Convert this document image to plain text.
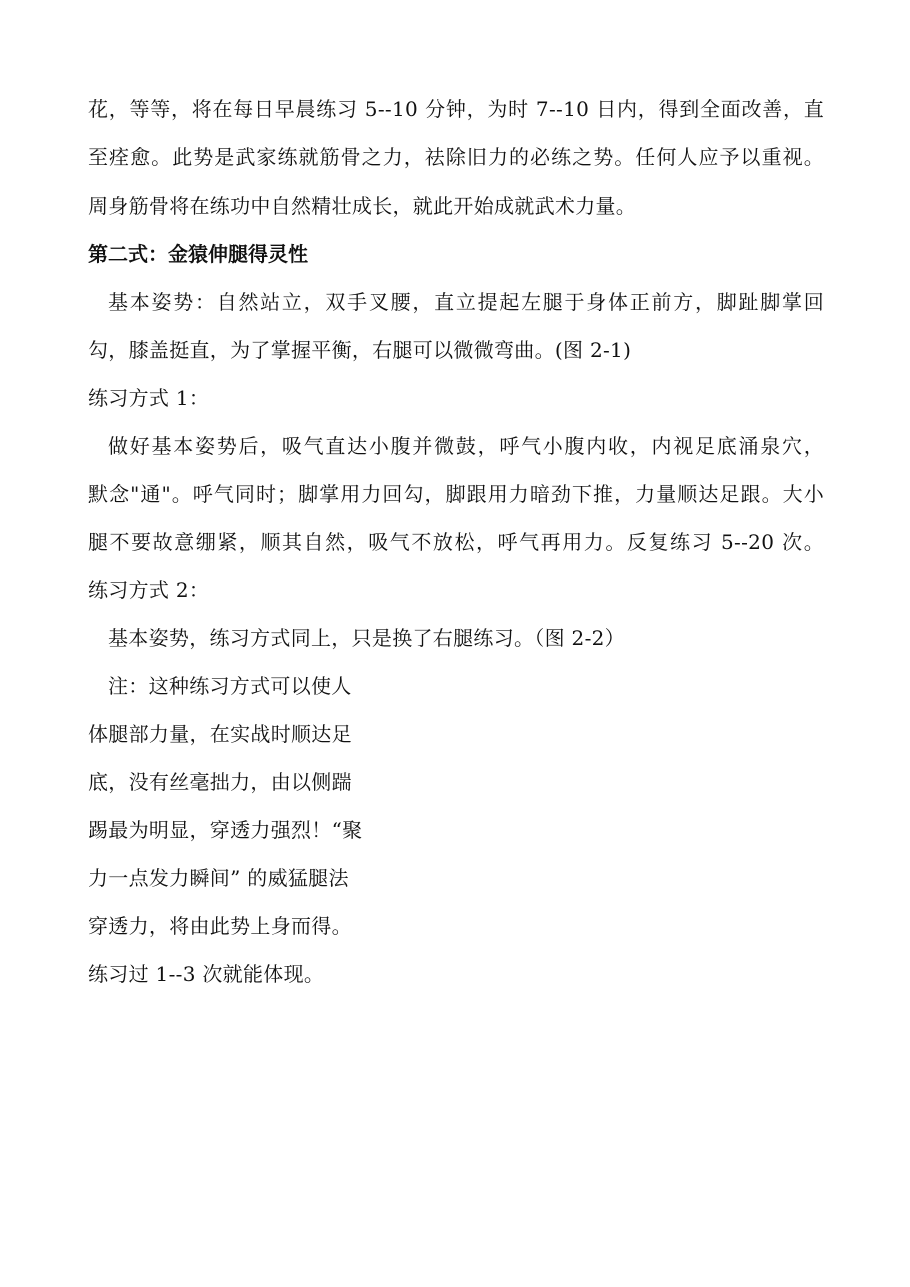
花，等等，将在每日早晨练习 5--10 分钟，为时 7--10 日内，得到全面改善，直
至痊愈。此势是武家练就筋骨之力，祛除旧力的必练之势。任何人应予以重视。
周身筋骨将在练功中自然精壮成长，就此开始成就武术力量。
第二式：金猿伸腿得灵性
基本姿势：自然站立，双手叉腰，直立提起左腿于身体正前方，脚趾脚掌回
勾，膝盖挺直，为了掌握平衡，右腿可以微微弯曲。(图 2-1)
练习方式 1：
做好基本姿势后，吸气直达小腹并微鼓，呼气小腹内收，内视足底涌泉穴，
默念"通"。呼气同时；脚掌用力回勾，脚跟用力暗劲下推，力量顺达足跟。大小
腿不要故意绷紧，顺其自然，吸气不放松，呼气再用力。反复练习 5--20 次。
练习方式 2：
基本姿势，练习方式同上，只是换了右腿练习。（图 2-2）
注：这种练习方式可以使人
体腿部力量，在实战时顺达足
底，没有丝毫拙力，由以侧踹
踢最为明显，穿透力强烈！“聚
力一点发力瞬间” 的威猛腿法
穿透力，将由此势上身而得。
练习过 1--3 次就能体现。
